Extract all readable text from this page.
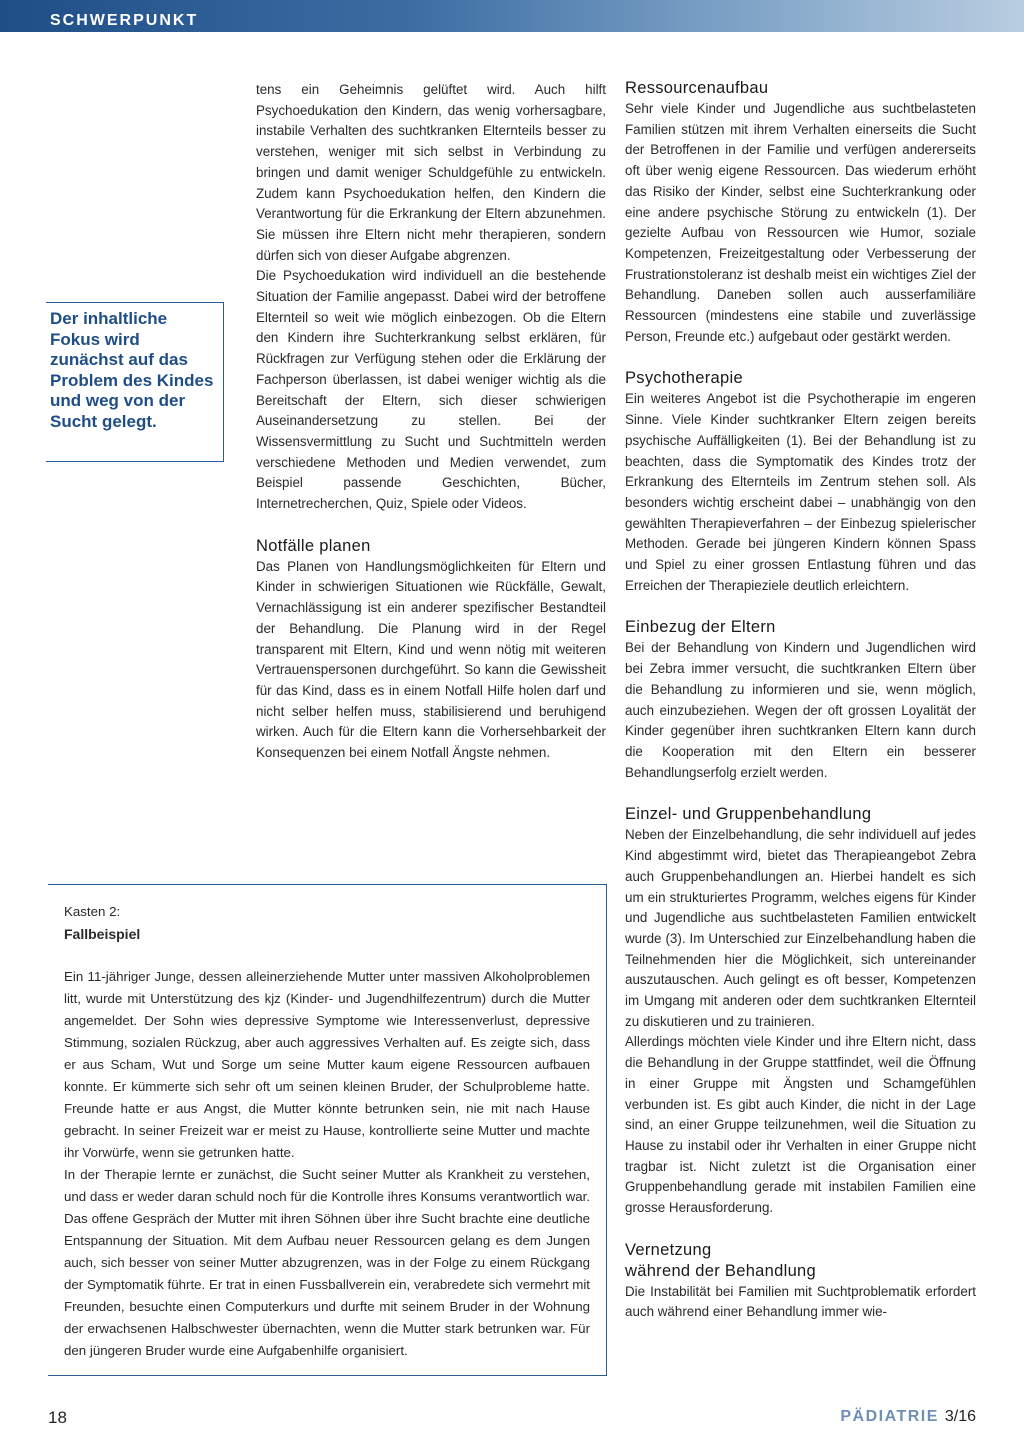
SCHWERPUNKT
Der inhaltliche Fokus wird zunächst auf das Problem des Kindes und weg von der Sucht gelegt.

tens ein Geheimnis gelüftet wird. Auch hilft Psychoedukation den Kindern, das wenig vorhersagbare, instabile Verhalten des suchtkranken Elternteils besser zu verstehen, weniger mit sich selbst in Verbindung zu bringen und damit weniger Schuldgefühle zu entwickeln. Zudem kann Psychoedukation helfen, den Kindern die Verantwortung für die Erkrankung der Eltern abzunehmen. Sie müssen ihre Eltern nicht mehr therapieren, sondern dürfen sich von dieser Aufgabe abgrenzen.

Die Psychoedukation wird individuell an die bestehende Situation der Familie angepasst. Dabei wird der betroffene Elternteil so weit wie möglich einbezogen. Ob die Eltern den Kindern ihre Suchterkrankung selbst erklären, für Rückfragen zur Verfügung stehen oder die Erklärung der Fachperson überlassen, ist dabei weniger wichtig als die Bereitschaft der Eltern, sich dieser schwierigen Auseinandersetzung zu stellen. Bei der Wissensvermittlung zu Sucht und Suchtmitteln werden verschiedene Methoden und Medien verwendet, zum Beispiel passende Geschichten, Bücher, Internetrecherchen, Quiz, Spiele oder Videos.

Notfälle planen

Das Planen von Handlungsmöglichkeiten für Eltern und Kinder in schwierigen Situationen wie Rückfälle, Gewalt, Vernachlässigung ist ein anderer spezifischer Bestandteil der Behandlung. Die Planung wird in der Regel transparent mit Eltern, Kind und wenn nötig mit weiteren Vertrauenspersonen durchgeführt. So kann die Gewissheit für das Kind, dass es in einem Notfall Hilfe holen darf und nicht selber helfen muss, stabilisierend und beruhigend wirken. Auch für die Eltern kann die Vorhersehbarkeit der Konsequenzen bei einem Notfall Ängste nehmen.

Ressourcenaufbau

Sehr viele Kinder und Jugendliche aus suchtbelasteten Familien stützen mit ihrem Verhalten einerseits die Sucht der Betroffenen in der Familie und verfügen andererseits oft über wenig eigene Ressourcen. Das wiederum erhöht das Risiko der Kinder, selbst eine Suchterkrankung oder eine andere psychische Störung zu entwickeln (1). Der gezielte Aufbau von Ressourcen wie Humor, soziale Kompetenzen, Freizeitgestaltung oder Verbesserung der Frustrationstoleranz ist deshalb meist ein wichtiges Ziel der Behandlung. Daneben sollen auch ausserfamiliäre Ressourcen (mindestens eine stabile und zuverlässige Person, Freunde etc.) aufgebaut oder gestärkt werden.

Psychotherapie

Ein weiteres Angebot ist die Psychotherapie im engeren Sinne. Viele Kinder suchtkranker Eltern zeigen bereits psychische Auffälligkeiten (1). Bei der Behandlung ist zu beachten, dass die Symptomatik des Kindes trotz der Erkrankung des Elternteils im Zentrum stehen soll. Als besonders wichtig erscheint dabei – unabhängig von den gewählten Therapieverfahren – der Einbezug spielerischer Methoden. Gerade bei jüngeren Kindern können Spass und Spiel zu einer grossen Entlastung führen und das Erreichen der Therapieziele deutlich erleichtern.

Einbezug der Eltern

Bei der Behandlung von Kindern und Jugendlichen wird bei Zebra immer versucht, die suchtkranken Eltern über die Behandlung zu informieren und sie, wenn möglich, auch einzubeziehen. Wegen der oft grossen Loyalität der Kinder gegenüber ihren suchtkranken Eltern kann durch die Kooperation mit den Eltern ein besserer Behandlungserfolg erzielt werden.

Einzel- und Gruppenbehandlung

Neben der Einzelbehandlung, die sehr individuell auf jedes Kind abgestimmt wird, bietet das Therapieangebot Zebra auch Gruppenbehandlungen an. Hierbei handelt es sich um ein strukturiertes Programm, welches eigens für Kinder und Jugendliche aus suchtbelasteten Familien entwickelt wurde (3). Im Unterschied zur Einzelbehandlung haben die Teilnehmenden hier die Möglichkeit, sich untereinander auszutauschen. Auch gelingt es oft besser, Kompetenzen im Umgang mit anderen oder dem suchtkranken Elternteil zu diskutieren und zu trainieren.

Allerdings möchten viele Kinder und ihre Eltern nicht, dass die Behandlung in der Gruppe stattfindet, weil die Öffnung in einer Gruppe mit Ängsten und Schamgefühlen verbunden ist. Es gibt auch Kinder, die nicht in der Lage sind, an einer Gruppe teilzunehmen, weil die Situation zu Hause zu instabil oder ihr Verhalten in einer Gruppe nicht tragbar ist. Nicht zuletzt ist die Organisation einer Gruppenbehandlung gerade mit instabilen Familien eine grosse Herausforderung.

Vernetzung
während der Behandlung

Die Instabilität bei Familien mit Suchtproblematik erfordert auch während einer Behandlung immer wie-

Kasten 2:

Fallbeispiel

Ein 11-jähriger Junge, dessen alleinerziehende Mutter unter massiven Alkoholproblemen litt, wurde mit Unterstützung des kjz (Kinder- und Jugendhilfezentrum) durch die Mutter angemeldet. Der Sohn wies depressive Symptome wie Interessenverlust, depressive Stimmung, sozialen Rückzug, aber auch aggressives Verhalten auf. Es zeigte sich, dass er aus Scham, Wut und Sorge um seine Mutter kaum eigene Ressourcen aufbauen konnte. Er kümmerte sich sehr oft um seinen kleinen Bruder, der Schulprobleme hatte. Freunde hatte er aus Angst, die Mutter könnte betrunken sein, nie mit nach Hause gebracht. In seiner Freizeit war er meist zu Hause, kontrollierte seine Mutter und machte ihr Vorwürfe, wenn sie getrunken hatte.

In der Therapie lernte er zunächst, die Sucht seiner Mutter als Krankheit zu verstehen, und dass er weder daran schuld noch für die Kontrolle ihres Konsums verantwortlich war. Das offene Gespräch der Mutter mit ihren Söhnen über ihre Sucht brachte eine deutliche Entspannung der Situation. Mit dem Aufbau neuer Ressourcen gelang es dem Jungen auch, sich besser von seiner Mutter abzugrenzen, was in der Folge zu einem Rückgang der Symptomatik führte. Er trat in einen Fussballverein ein, verabredete sich vermehrt mit Freunden, besuchte einen Computerkurs und durfte mit seinem Bruder in der Wohnung der erwachsenen Halbschwester übernachten, wenn die Mutter stark betrunken war. Für den jüngeren Bruder wurde eine Aufgabenhilfe organisiert.

18	PÄDIATRIE 3/16
